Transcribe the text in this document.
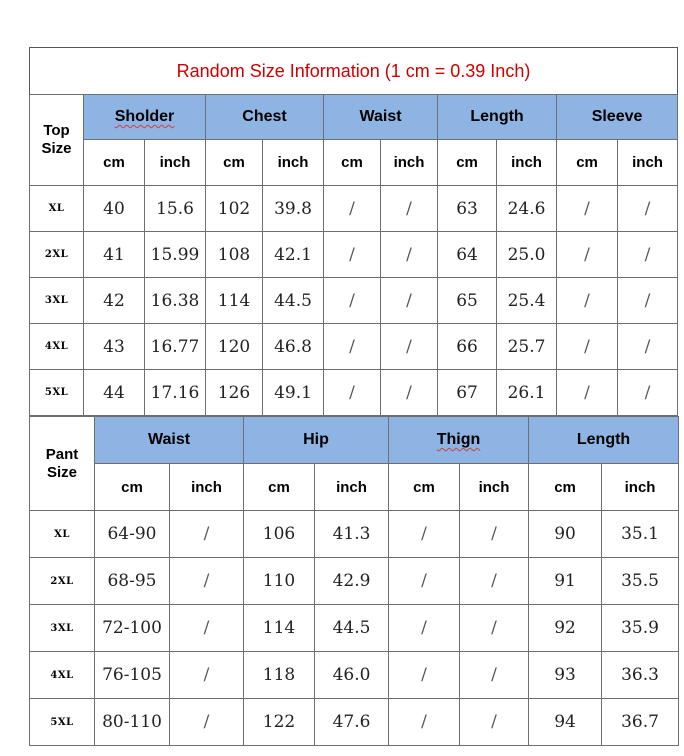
Random Size Information (1 cm = 0.39 Inch)
Top
Size	Sholder		Chest		Waist		Length		Sleeve	
	cm	inch	cm	inch	cm	inch	cm	inch	cm	inch
XL	40	15.6	102	39.8	/	/	63	24.6	/	/
2XL	41	15.99	108	42.1	/	/	64	25.0	/	/
3XL	42	16.38	114	44.5	/	/	65	25.4	/	/
4XL	43	16.77	120	46.8	/	/	66	25.7	/	/
5XL	44	17.16	126	49.1	/	/	67	26.1	/	/
Pant
Size	Waist		Hip		Thign		Length	
	cm	inch	cm	inch	cm	inch	cm	inch
XL	64-90	/	106	41.3	/	/	90	35.1
2XL	68-95	/	110	42.9	/	/	91	35.5
3XL	72-100	/	114	44.5	/	/	92	35.9
4XL	76-105	/	118	46.0	/	/	93	36.3
5XL	80-110	/	122	47.6	/	/	94	36.7
